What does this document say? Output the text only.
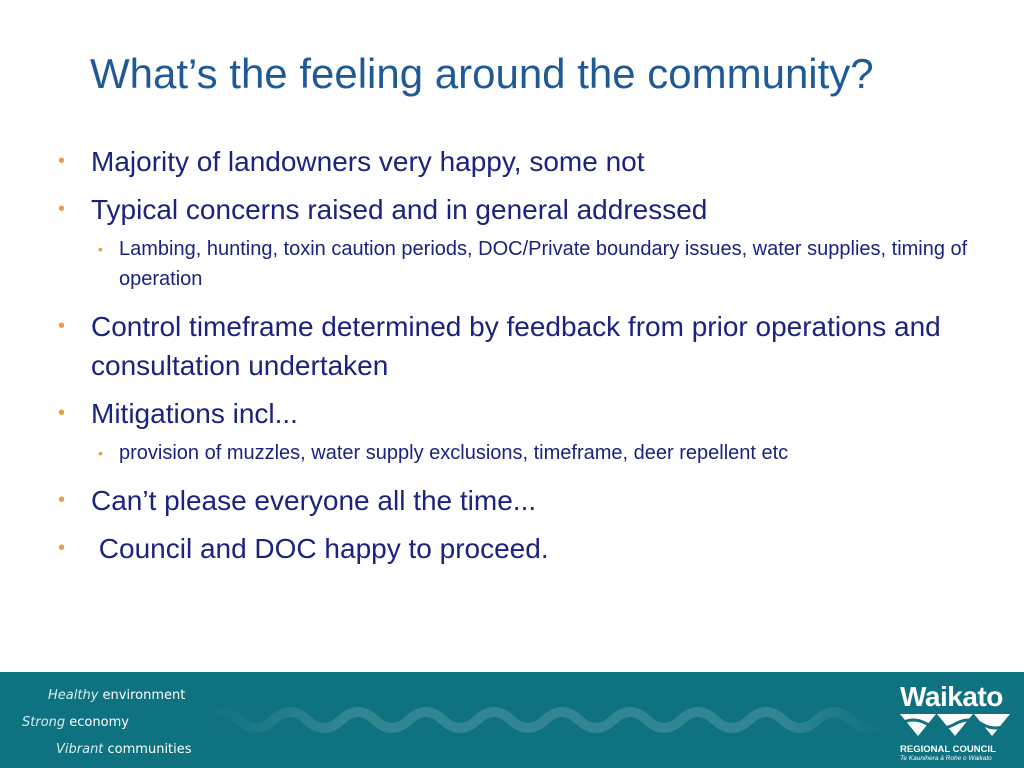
What’s the feeling around the community?
• Majority of landowners very happy, some not
• Typical concerns raised and in general addressed
• Lambing, hunting, toxin caution periods, DOC/Private boundary issues, water supplies, timing of operation
• Control timeframe determined by feedback from prior operations and consultation undertaken
• Mitigations incl...
• provision of muzzles, water supply exclusions, timeframe, deer repellent etc
• Can’t please everyone all the time...
• Council and DOC happy to proceed.
Healthy environment
Strong economy
Vibrant communities
Waikato
REGIONAL COUNCIL
Te Kaunihera ā Rohe o Waikato
